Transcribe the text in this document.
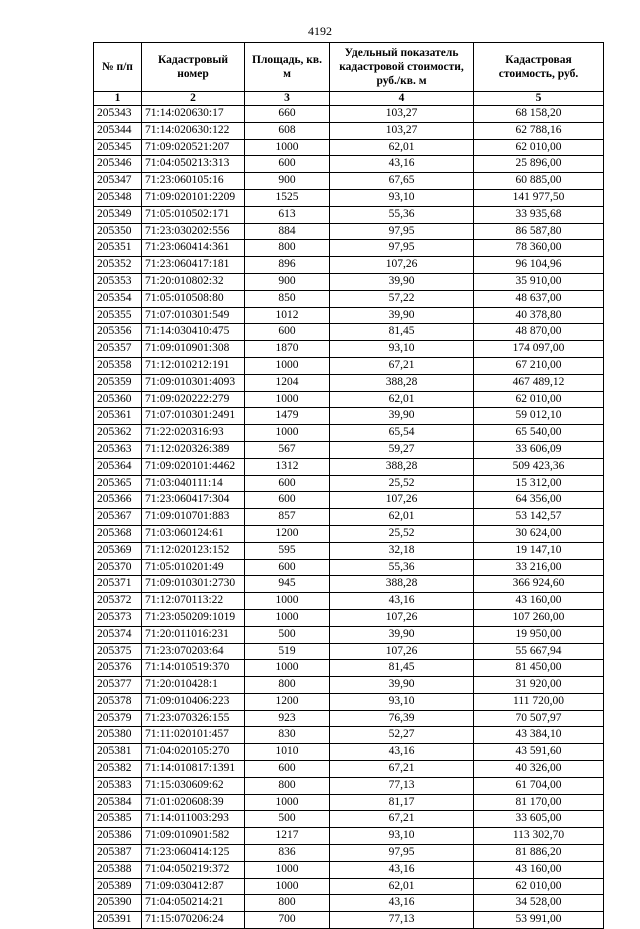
4192
№ п/п	Кадастровый номер	Площадь, кв. м	Удельный показатель кадастровой стоимости, руб./кв. м	Кадастровая стоимость, руб.
1	2	3	4	5
205343	71:14:020630:17	660	103,27	68 158,20
205344	71:14:020630:122	608	103,27	62 788,16
205345	71:09:020521:207	1000	62,01	62 010,00
205346	71:04:050213:313	600	43,16	25 896,00
205347	71:23:060105:16	900	67,65	60 885,00
205348	71:09:020101:2209	1525	93,10	141 977,50
205349	71:05:010502:171	613	55,36	33 935,68
205350	71:23:030202:556	884	97,95	86 587,80
205351	71:23:060414:361	800	97,95	78 360,00
205352	71:23:060417:181	896	107,26	96 104,96
205353	71:20:010802:32	900	39,90	35 910,00
205354	71:05:010508:80	850	57,22	48 637,00
205355	71:07:010301:549	1012	39,90	40 378,80
205356	71:14:030410:475	600	81,45	48 870,00
205357	71:09:010901:308	1870	93,10	174 097,00
205358	71:12:010212:191	1000	67,21	67 210,00
205359	71:09:010301:4093	1204	388,28	467 489,12
205360	71:09:020222:279	1000	62,01	62 010,00
205361	71:07:010301:2491	1479	39,90	59 012,10
205362	71:22:020316:93	1000	65,54	65 540,00
205363	71:12:020326:389	567	59,27	33 606,09
205364	71:09:020101:4462	1312	388,28	509 423,36
205365	71:03:040111:14	600	25,52	15 312,00
205366	71:23:060417:304	600	107,26	64 356,00
205367	71:09:010701:883	857	62,01	53 142,57
205368	71:03:060124:61	1200	25,52	30 624,00
205369	71:12:020123:152	595	32,18	19 147,10
205370	71:05:010201:49	600	55,36	33 216,00
205371	71:09:010301:2730	945	388,28	366 924,60
205372	71:12:070113:22	1000	43,16	43 160,00
205373	71:23:050209:1019	1000	107,26	107 260,00
205374	71:20:011016:231	500	39,90	19 950,00
205375	71:23:070203:64	519	107,26	55 667,94
205376	71:14:010519:370	1000	81,45	81 450,00
205377	71:20:010428:1	800	39,90	31 920,00
205378	71:09:010406:223	1200	93,10	111 720,00
205379	71:23:070326:155	923	76,39	70 507,97
205380	71:11:020101:457	830	52,27	43 384,10
205381	71:04:020105:270	1010	43,16	43 591,60
205382	71:14:010817:1391	600	67,21	40 326,00
205383	71:15:030609:62	800	77,13	61 704,00
205384	71:01:020608:39	1000	81,17	81 170,00
205385	71:14:011003:293	500	67,21	33 605,00
205386	71:09:010901:582	1217	93,10	113 302,70
205387	71:23:060414:125	836	97,95	81 886,20
205388	71:04:050219:372	1000	43,16	43 160,00
205389	71:09:030412:87	1000	62,01	62 010,00
205390	71:04:050214:21	800	43,16	34 528,00
205391	71:15:070206:24	700	77,13	53 991,00
